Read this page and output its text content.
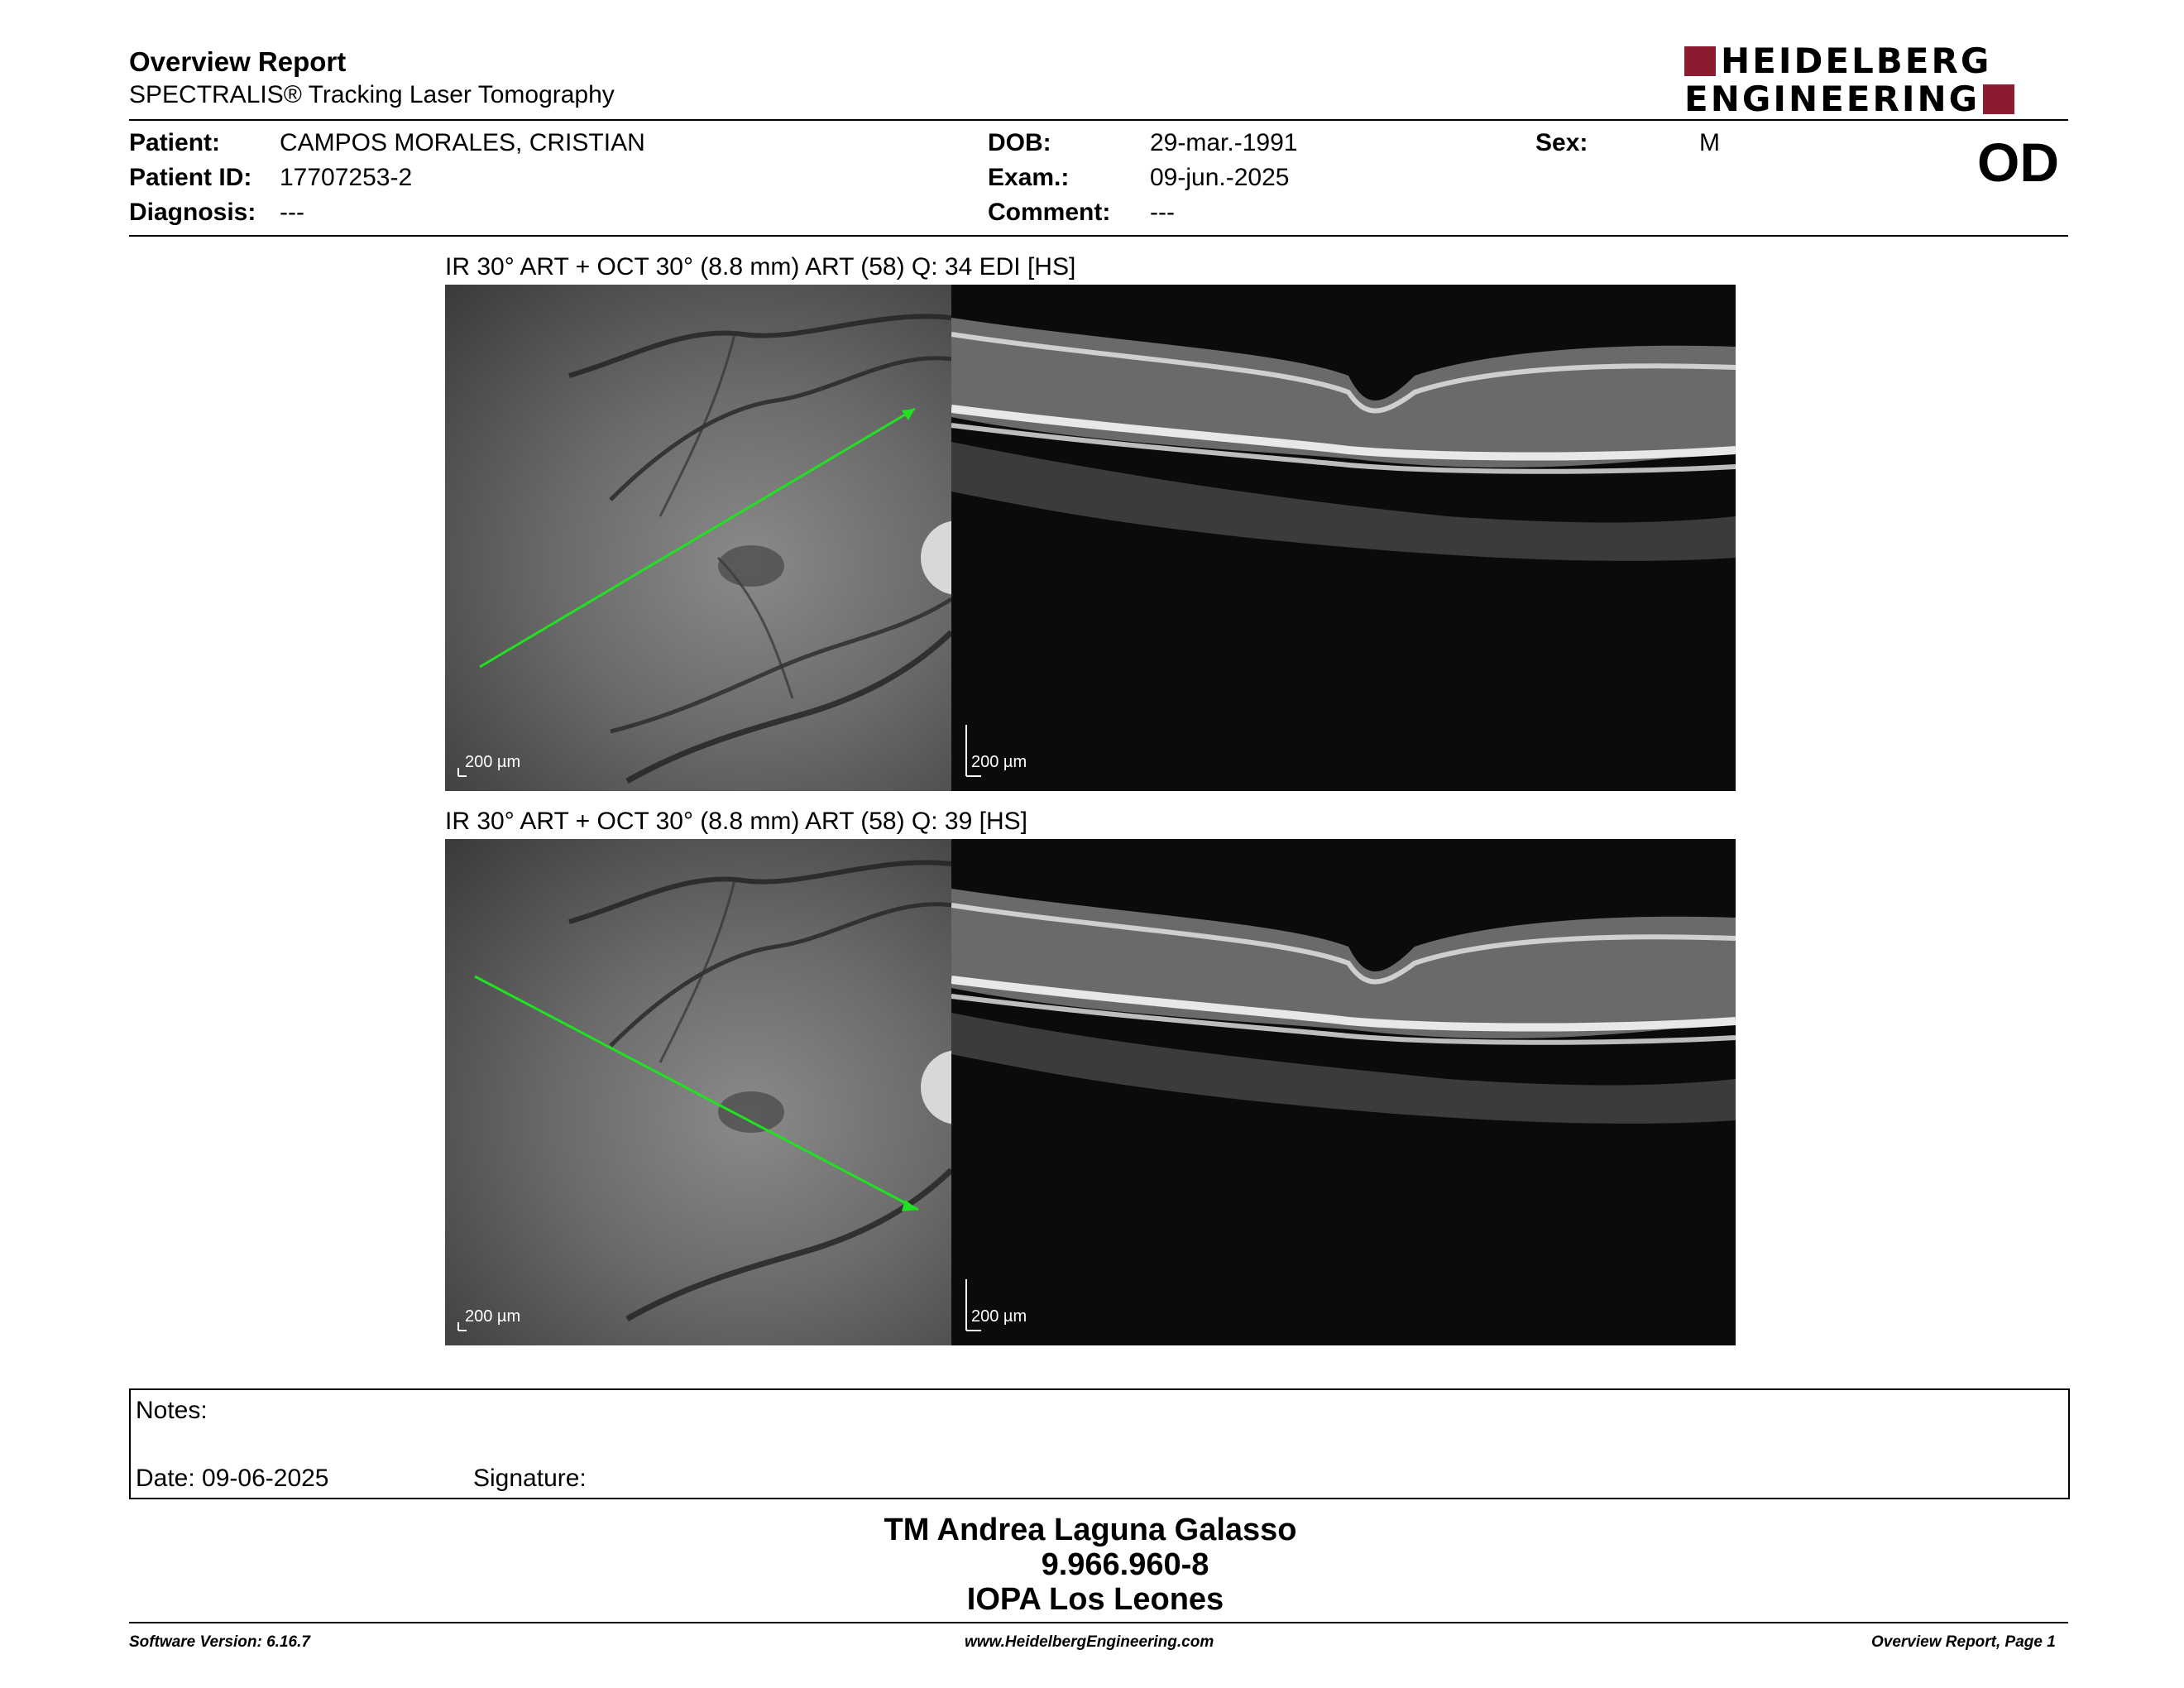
Overview Report
SPECTRALIS® Tracking Laser Tomography
HEIDELBERG
ENGINEERING
Patient: CAMPOS MORALES, CRISTIAN
Patient ID: 17707253-2
Diagnosis: ---
DOB:	29-mar.-1991
Exam.:	09-jun.-2025
Comment: ---
Sex:	M	OD
IR 30° ART + OCT 30° (8.8 mm) ART (58) Q: 34 EDI [HS]
200 µm	200 µm
IR 30° ART + OCT 30° (8.8 mm) ART (58) Q: 39 [HS]
200 µm	200 µm
Notes:
Date: 09-06-2025	Signature:
TM Andrea Laguna Galasso
9.966.960-8
IOPA Los Leones
Software Version: 6.16.7	www.HeidelbergEngineering.com	Overview Report, Page 1
